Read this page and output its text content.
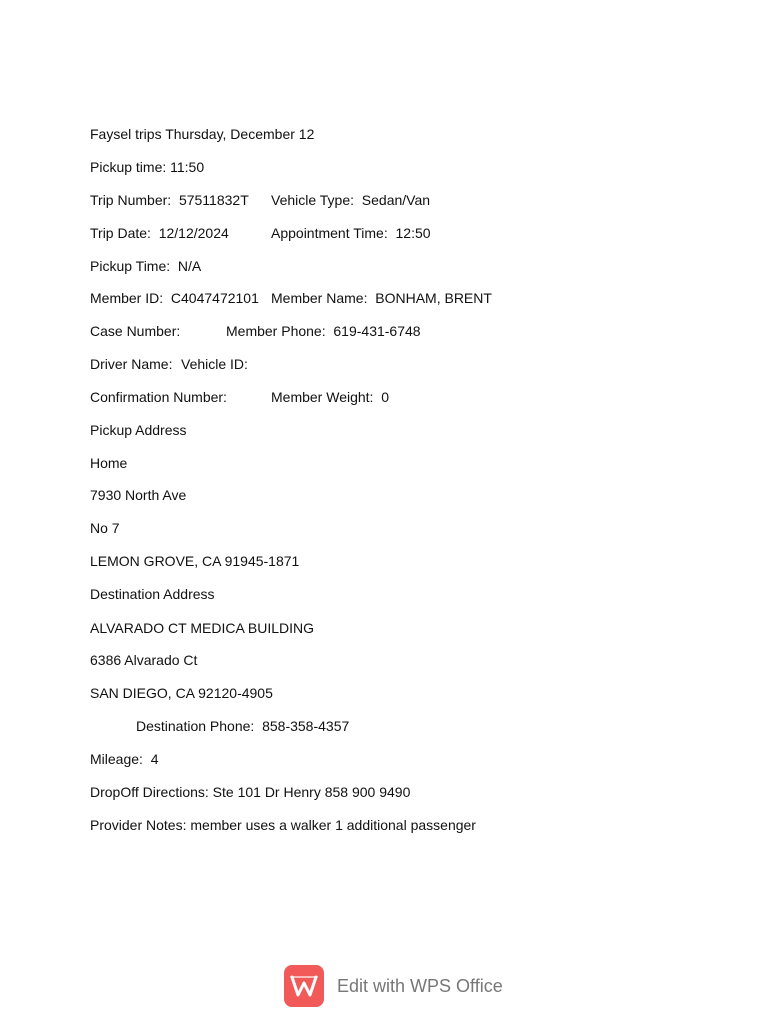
Faysel trips Thursday, December 12
Pickup time: 11:50
Trip Number:  57511832T Vehicle Type:  Sedan/Van
Trip Date:  12/12/2024	Appointment Time:  12:50
Pickup Time:  N/A
Member ID:  C4047472101 Member Name:  BONHAM, BRENT
Case Number:	Member Phone:  619-431-6748
Driver Name: Vehicle ID:
Confirmation Number:	Member Weight:  0
Pickup Address
Home
7930 North Ave
No 7
LEMON GROVE, CA 91945-1871
Destination Address
ALVARADO CT MEDICA BUILDING
6386 Alvarado Ct
SAN DIEGO, CA 92120-4905
Destination Phone:  858-358-4357
Mileage:  4
DropOff Directions: Ste 101 Dr Henry 858 900 9490
Provider Notes: member uses a walker 1 additional passenger
Edit with WPS Office
